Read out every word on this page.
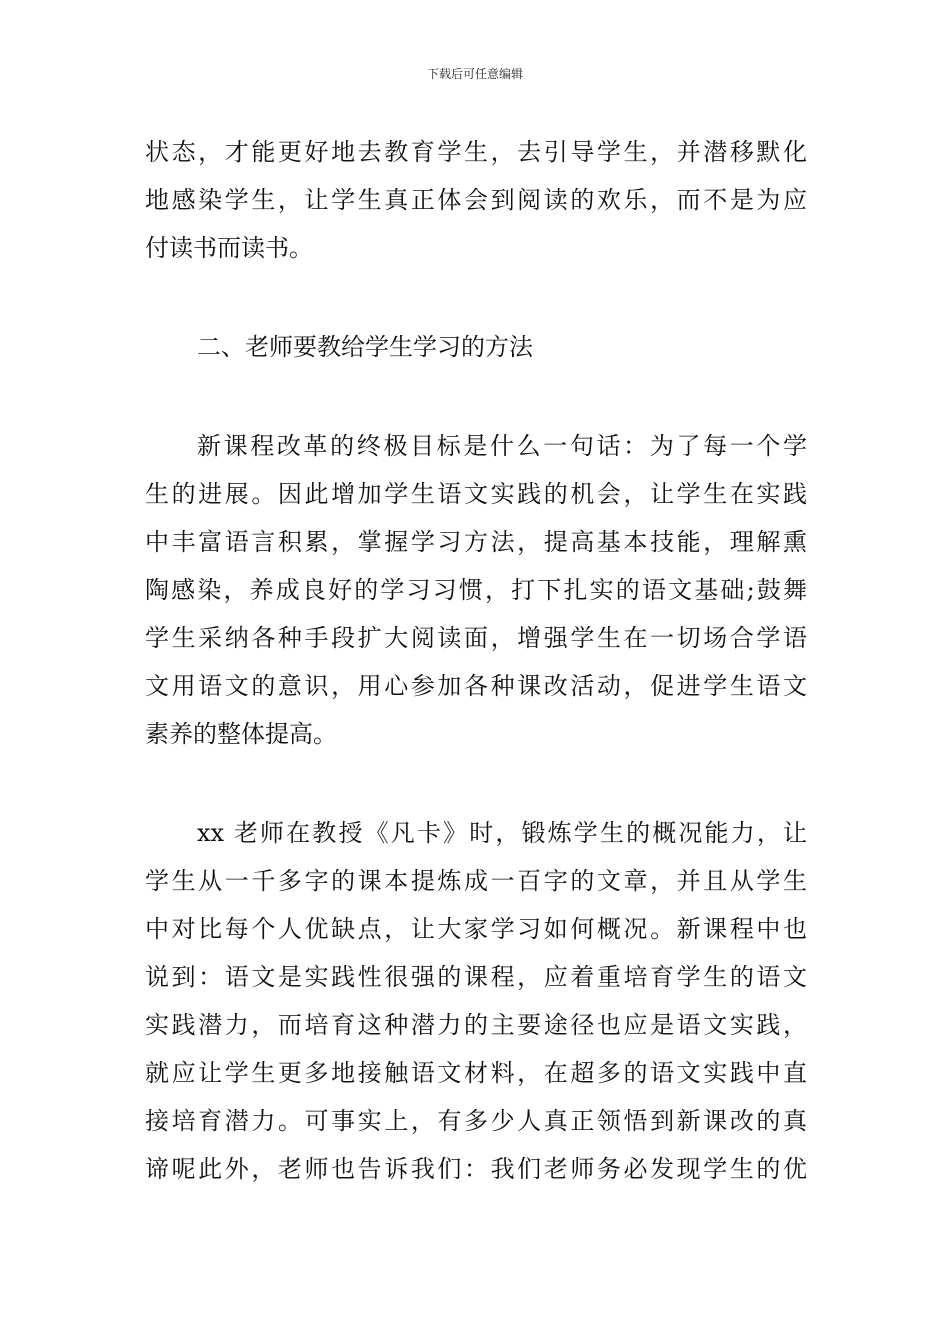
下载后可任意编辑
状态，才能更好地去教育学生，去引导学生，并潜移默化
地感染学生，让学生真正体会到阅读的欢乐，而不是为应
付读书而读书。
二、老师要教给学生学习的方法
新课程改革的终极目标是什么一句话：为了每一个学
生的进展。因此增加学生语文实践的机会，让学生在实践
中丰富语言积累，掌握学习方法，提高基本技能，理解熏
陶感染，养成良好的学习习惯，打下扎实的语文基础;鼓舞
学生采纳各种手段扩大阅读面，增强学生在一切场合学语
文用语文的意识，用心参加各种课改活动，促进学生语文
素养的整体提高。
xx 老师在教授《凡卡》时，锻炼学生的概况能力，让
学生从一千多字的课本提炼成一百字的文章，并且从学生
中对比每个人优缺点，让大家学习如何概况。新课程中也
说到：语文是实践性很强的课程，应着重培育学生的语文
实践潜力，而培育这种潜力的主要途径也应是语文实践，
就应让学生更多地接触语文材料，在超多的语文实践中直
接培育潜力。可事实上，有多少人真正领悟到新课改的真
谛呢此外，老师也告诉我们：我们老师务必发现学生的优
